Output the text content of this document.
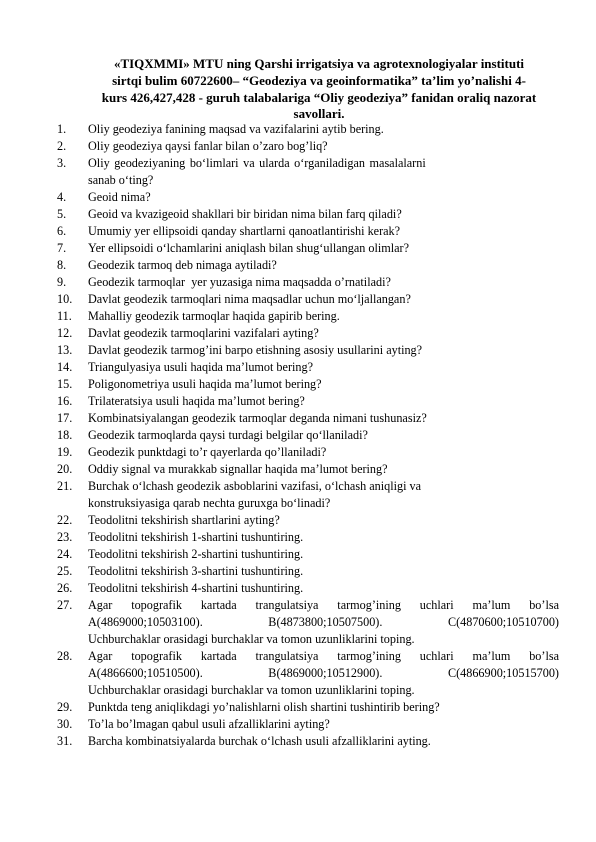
«TIQXMMI» MTU ning Qarshi irrigatsiya va agrotexnologiyalar instituti
sirtqi bulim 60722600– “Geodeziya va geoinformatika” ta’lim yo’nalishi 4-
kurs 426,427,428 - guruh talabalariga “Oliy geodeziya” fanidan oraliq nazorat
savollari.
1. Oliy geodeziya fanining maqsad va vazifalarini aytib bering.
2. Oliy geodeziya qaysi fanlar bilan o’zaro bog’liq?
3. Oliy geodeziyaning bo‘limlari va ularda o‘rganiladigan masalalarni
sanab o‘ting?
4. Geoid nima?
5. Geoid va kvazigeoid shakllari bir biridan nima bilan farq qiladi?
6. Umumiy yer ellipsoidi qanday shartlarni qanoatlantirishi kerak?
7. Yer ellipsoidi o‘lchamlarini aniqlash bilan shug‘ullangan olimlar?
8. Geodezik tarmoq deb nimaga aytiladi?
9. Geodezik tarmoqlar  yer yuzasiga nima maqsadda o’rnatiladi?
10. Davlat geodezik tarmoqlari nima maqsadlar uchun mo‘ljallangan?
11. Mahalliy geodezik tarmoqlar haqida gapirib bering.
12. Davlat geodezik tarmoqlarini vazifalari ayting?
13. Davlat geodezik tarmog’ini barpo etishning asosiy usullarini ayting?
14. Triangulyasiya usuli haqida ma’lumot bering?
15. Poligonometriya usuli haqida ma’lumot bering?
16. Trilateratsiya usuli haqida ma’lumot bering?
17. Kombinatsiyalangan geodezik tarmoqlar deganda nimani tushunasiz?
18. Geodezik tarmoqlarda qaysi turdagi belgilar qo‘llaniladi?
19. Geodezik punktdagi to’r qayerlarda qo’llaniladi?
20. Oddiy signal va murakkab signallar haqida ma’lumot bering?
21. Burchak o‘lchash geodezik asboblarini vazifasi, o‘lchash aniqligi va
konstruksiyasiga qarab nechta guruxga bo‘linadi?
22. Teodolitni tekshirish shartlarini ayting?
23. Teodolitni tekshirish 1-shartini tushuntiring.
24. Teodolitni tekshirish 2-shartini tushuntiring.
25. Teodolitni tekshirish 3-shartini tushuntiring.
26. Teodolitni tekshirish 4-shartini tushuntiring.
27. Agar topografik kartada trangulatsiya tarmog’ining uchlari ma’lum bo’lsa
A(4869000;10503100). B(4873800;10507500). C(4870600;10510700)
Uchburchaklar orasidagi burchaklar va tomon uzunliklarini toping.
28. Agar topografik kartada trangulatsiya tarmog’ining uchlari ma’lum bo’lsa
A(4866600;10510500). B(4869000;10512900). C(4866900;10515700)
Uchburchaklar orasidagi burchaklar va tomon uzunliklarini toping.
29. Punktda teng aniqlikdagi yo’nalishlarni olish shartini tushintirib bering?
30. To’la bo’lmagan qabul usuli afzalliklarini ayting?
31. Barcha kombinatsiyalarda burchak o‘lchash usuli afzalliklarini ayting.
